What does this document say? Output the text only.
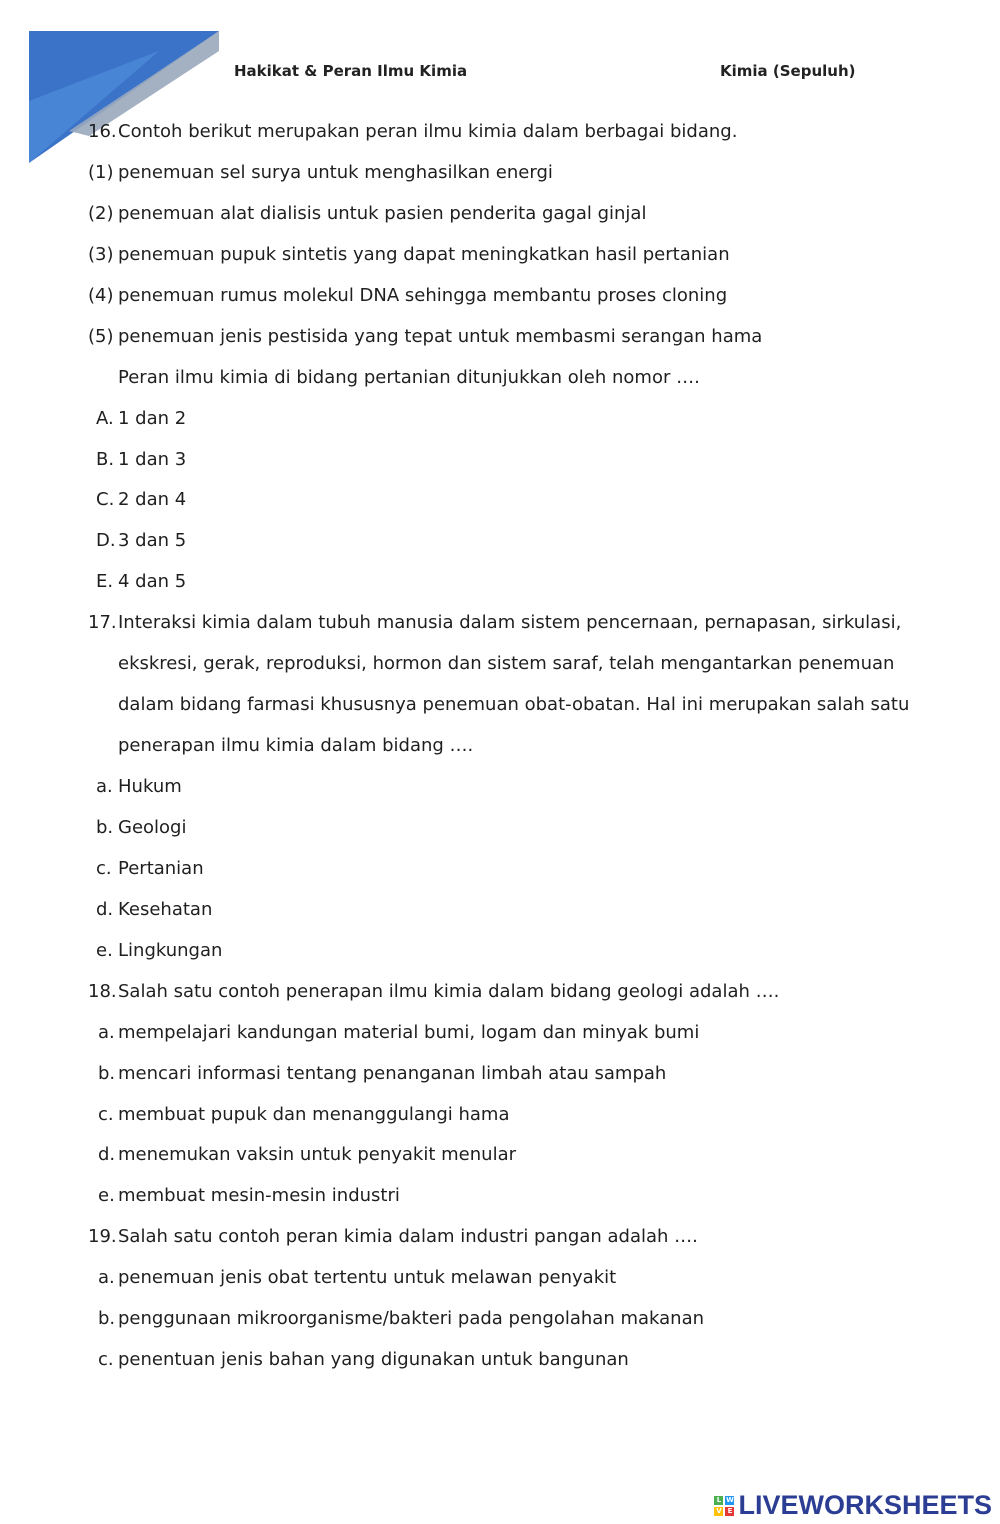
Hakikat & Peran Ilmu Kimia	Kimia (Sepuluh)
16. Contoh berikut merupakan peran ilmu kimia dalam berbagai bidang.
(1) penemuan sel surya untuk menghasilkan energi
(2) penemuan alat dialisis untuk pasien penderita gagal ginjal
(3) penemuan pupuk sintetis yang dapat meningkatkan hasil pertanian
(4) penemuan rumus molekul DNA sehingga membantu proses cloning
(5) penemuan jenis pestisida yang tepat untuk membasmi serangan hama
Peran ilmu kimia di bidang pertanian ditunjukkan oleh nomor ….
A. 1 dan 2
B. 1 dan 3
C. 2 dan 4
D. 3 dan 5
E. 4 dan 5
17. Interaksi kimia dalam tubuh manusia dalam sistem pencernaan, pernapasan, sirkulasi,
ekskresi, gerak, reproduksi, hormon dan sistem saraf, telah mengantarkan penemuan
dalam bidang farmasi khususnya penemuan obat-obatan. Hal ini merupakan salah satu
penerapan ilmu kimia dalam bidang ….
a. Hukum
b. Geologi
c. Pertanian
d. Kesehatan
e. Lingkungan
18. Salah satu contoh penerapan ilmu kimia dalam bidang geologi adalah ….
a. mempelajari kandungan material bumi, logam dan minyak bumi
b. mencari informasi tentang penanganan limbah atau sampah
c. membuat pupuk dan menanggulangi hama
d. menemukan vaksin untuk penyakit menular
e. membuat mesin-mesin industri
19. Salah satu contoh peran kimia dalam industri pangan adalah ….
a. penemuan jenis obat tertentu untuk melawan penyakit
b. penggunaan mikroorganisme/bakteri pada pengolahan makanan
c. penentuan jenis bahan yang digunakan untuk bangunan
L W
V E LIVEWORKSHEETS
